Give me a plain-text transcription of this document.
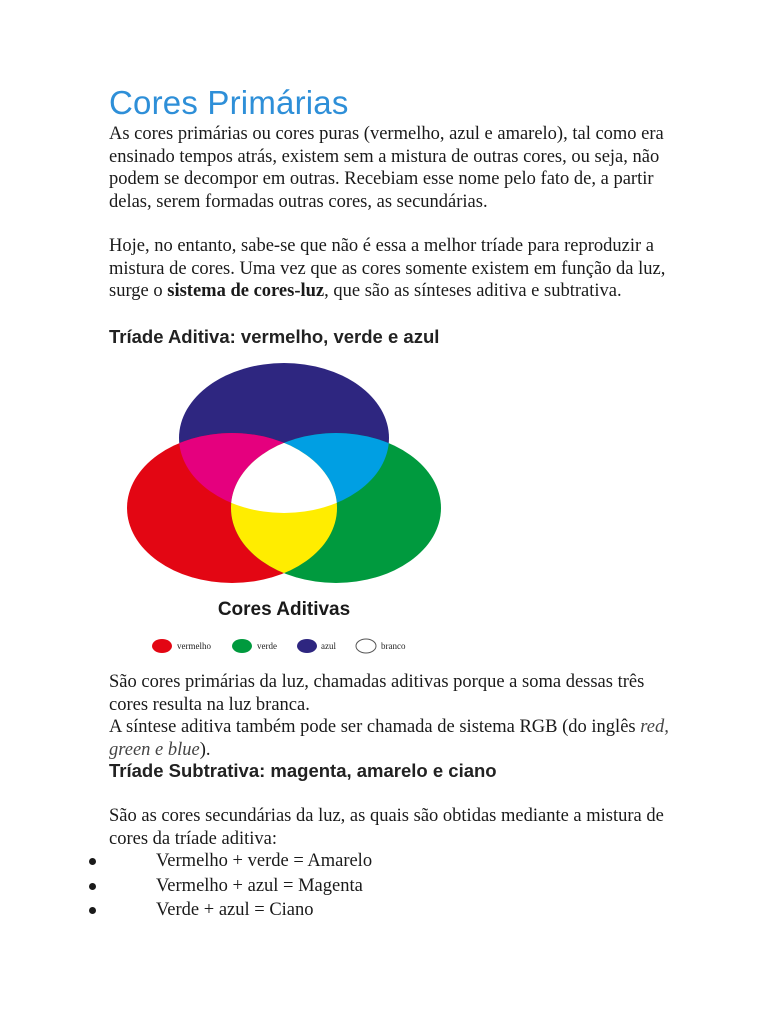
Cores Primárias

As cores primárias ou cores puras (vermelho, azul e amarelo), tal como era ensinado tempos atrás, existem sem a mistura de outras cores, ou seja, não podem se decompor em outras. Recebiam esse nome pelo fato de, a partir delas, serem formadas outras cores, as secundárias.

Hoje, no entanto, sabe-se que não é essa a melhor tríade para reproduzir a mistura de cores. Uma vez que as cores somente existem em função da luz, surge o sistema de cores-luz, que são as sínteses aditiva e subtrativa.

Tríade Aditiva: vermelho, verde e azul
Cores Aditivas
vermelho	verde	azul	branco

São cores primárias da luz, chamadas aditivas porque a soma dessas três cores resulta na luz branca.
A síntese aditiva também pode ser chamada de sistema RGB (do inglês red, green e blue).

Tríade Subtrativa: magenta, amarelo e ciano

São as cores secundárias da luz, as quais são obtidas mediante a mistura de cores da tríade aditiva:

Vermelho + verde = Amarelo
Vermelho + azul = Magenta
Verde + azul = Ciano
